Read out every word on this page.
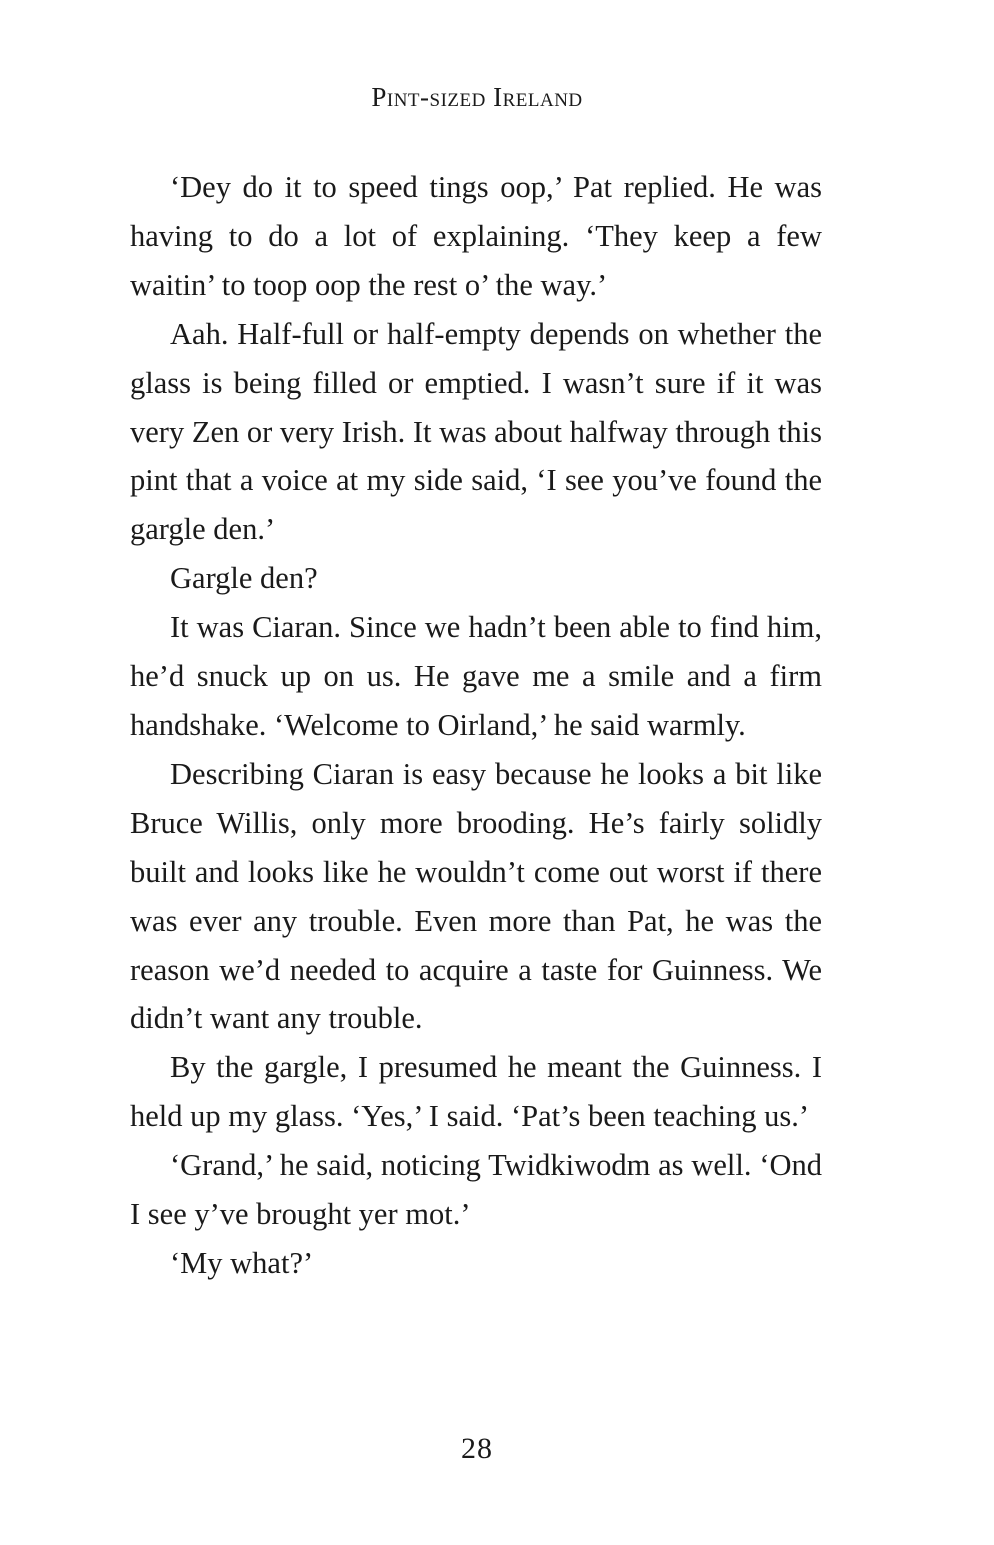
Pint-sized Ireland

‘Dey do it to speed tings oop,’ Pat replied. He was having to do a lot of explaining. ‘They keep a few waitin’ to toop oop the rest o’ the way.’

Aah. Half-full or half-empty depends on whether the glass is being filled or emptied. I wasn’t sure if it was very Zen or very Irish. It was about halfway through this pint that a voice at my side said, ‘I see you’ve found the gargle den.’

Gargle den?

It was Ciaran. Since we hadn’t been able to find him, he’d snuck up on us. He gave me a smile and a firm handshake. ‘Welcome to Oirland,’ he said warmly.

Describing Ciaran is easy because he looks a bit like Bruce Willis, only more brooding. He’s fairly solidly built and looks like he wouldn’t come out worst if there was ever any trouble. Even more than Pat, he was the reason we’d needed to acquire a taste for Guinness. We didn’t want any trouble.

By the gargle, I presumed he meant the Guinness. I held up my glass. ‘Yes,’ I said. ‘Pat’s been teaching us.’

‘Grand,’ he said, noticing Twidkiwodm as well. ‘Ond I see y’ve brought yer mot.’

‘My what?’

28
